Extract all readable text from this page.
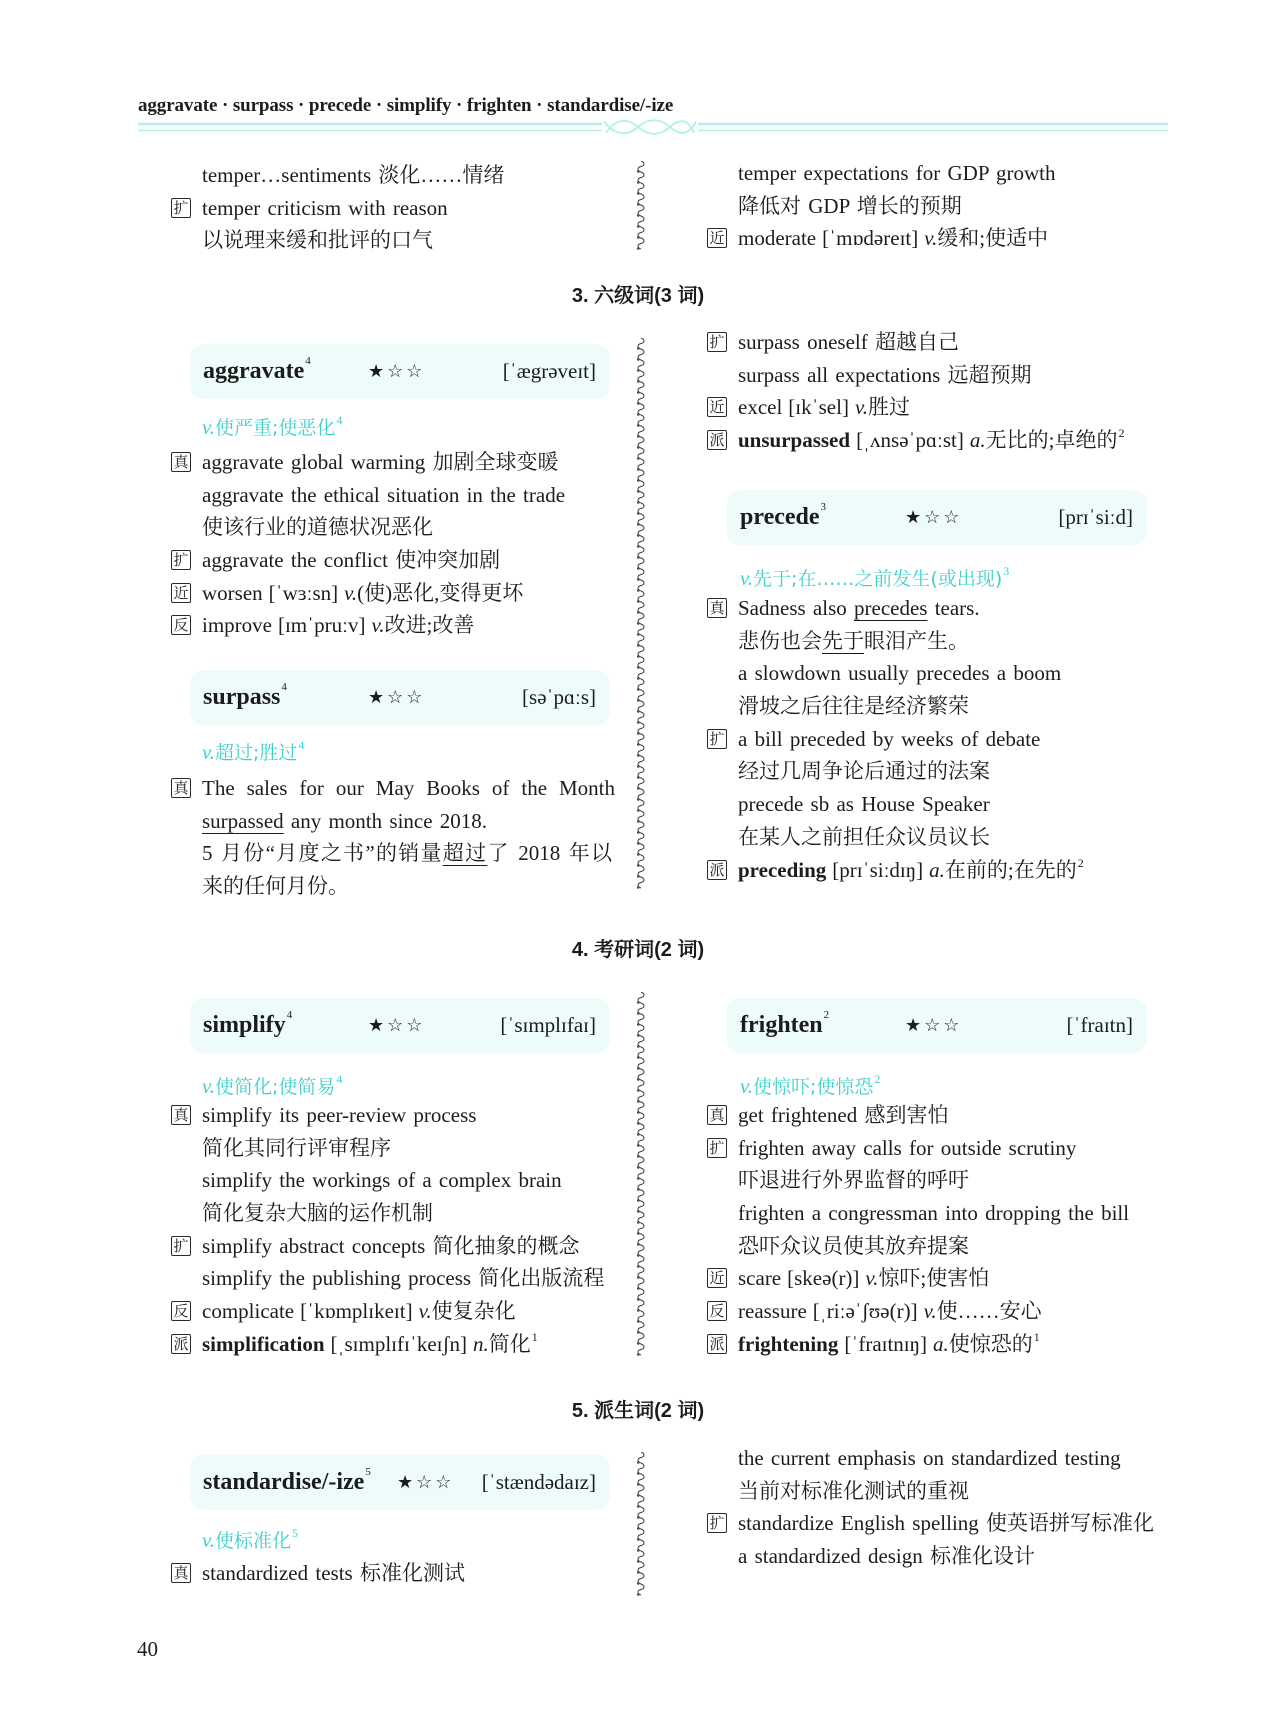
aggravate · surpass · precede · simplify · frighten · standardise/-ize
temper…sentiments 淡化……情绪
扩 temper criticism with reason
以说理来缓和批评的口气
temper expectations for GDP growth
降低对 GDP 增长的预期
近 moderate [ˈmɒdəreɪt] v.缓和;使适中
3. 六级词(3 词)
aggravate$^4$	★☆☆	[ˈægrəveɪt]
v.使严重;使恶化$^4$
真 aggravate global warming 加剧全球变暖
aggravate the ethical situation in the trade
使该行业的道德状况恶化
扩 aggravate the conflict 使冲突加剧
近 worsen [ˈwɜːsn] v.(使)恶化,变得更坏
反 improve [ɪmˈpruːv] v.改进;改善
surpass$^4$	★☆☆	[səˈpɑːs]
v.超过;胜过$^4$
真 The sales for our May Books of the Month
surpassed any month since 2018.
5 月份“月度之书”的销量超过了 2018 年以
来的任何月份。
扩 surpass oneself 超越自己
surpass all expectations 远超预期
近 excel [ɪkˈsel] v.胜过
派 unsurpassed [ˌʌnsəˈpɑːst] a.无比的;卓绝的$^2$
precede$^3$	★☆☆	[prɪˈsiːd]
v.先于;在……之前发生(或出现)$^3$
真 Sadness also precedes tears.
悲伤也会先于眼泪产生。
a slowdown usually precedes a boom
滑坡之后往往是经济繁荣
扩 a bill preceded by weeks of debate
经过几周争论后通过的法案
precede sb as House Speaker
在某人之前担任众议员议长
派 preceding [prɪˈsiːdɪŋ] a.在前的;在先的$^2$
4. 考研词(2 词)
simplify$^4$	★☆☆	[ˈsɪmplɪfaɪ]
v.使简化;使简易$^4$
真 simplify its peer-review process
简化其同行评审程序
simplify the workings of a complex brain
简化复杂大脑的运作机制
扩 simplify abstract concepts 简化抽象的概念
simplify the publishing process 简化出版流程
反 complicate [ˈkɒmplɪkeɪt] v.使复杂化
派 simplification [ˌsɪmplɪfɪˈkeɪʃn] n.简化$^1$
frighten$^2$	★☆☆	[ˈfraɪtn]
v.使惊吓;使惊恐$^2$
真 get frightened 感到害怕
扩 frighten away calls for outside scrutiny
吓退进行外界监督的呼吁
frighten a congressman into dropping the bill
恐吓众议员使其放弃提案
近 scare [skeə(r)] v.惊吓;使害怕
反 reassure [ˌriːəˈʃʊə(r)] v.使……安心
派 frightening [ˈfraɪtnɪŋ] a.使惊恐的$^1$
5. 派生词(2 词)
standardise/-ize$^5$ ★☆☆ [ˈstændədaɪz]
v.使标准化$^5$
真 standardized tests 标准化测试
the current emphasis on standardized testing
当前对标准化测试的重视
扩 standardize English spelling 使英语拼写标准化
a standardized design 标准化设计
40
